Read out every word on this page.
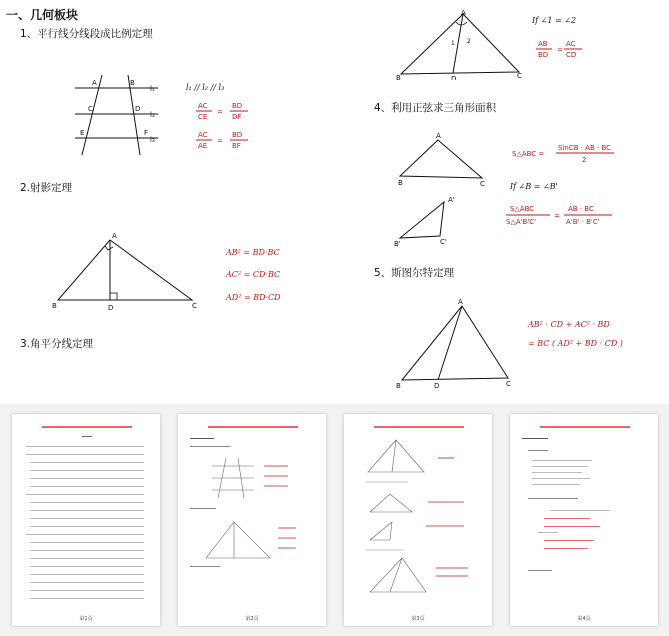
一、几何板块
1、平行线分线段成比例定理
2.射影定理
3.角平分线定理
4、利用正弦求三角形面积
5、斯图尔特定理
A	B
C	D
E	F
l₁
l₂
l₃
l₁ // l₂ // l₃
AC
CE
=
BD
DF
AC
AE
=
BD
BF
A
B	C
D
AB² = BD·BC
AC² = CD·BC
AD² = BD·CD
A
B	C
D
1 2
If ∠1 = ∠2
AB
BD
=
AC
CD
A
B	C
A'
B'	C'
S△ABC =
SinCB · AB · BC
2
If ∠B = ∠B'
S△ABC
S△A'B'C'
=
AB · BC
A'B' · B'C'
A
B	C
D
AB² · CD + AC² · BD
= BC ( AD² + BD · CD )
第1页	第2页	第3页	第4页
